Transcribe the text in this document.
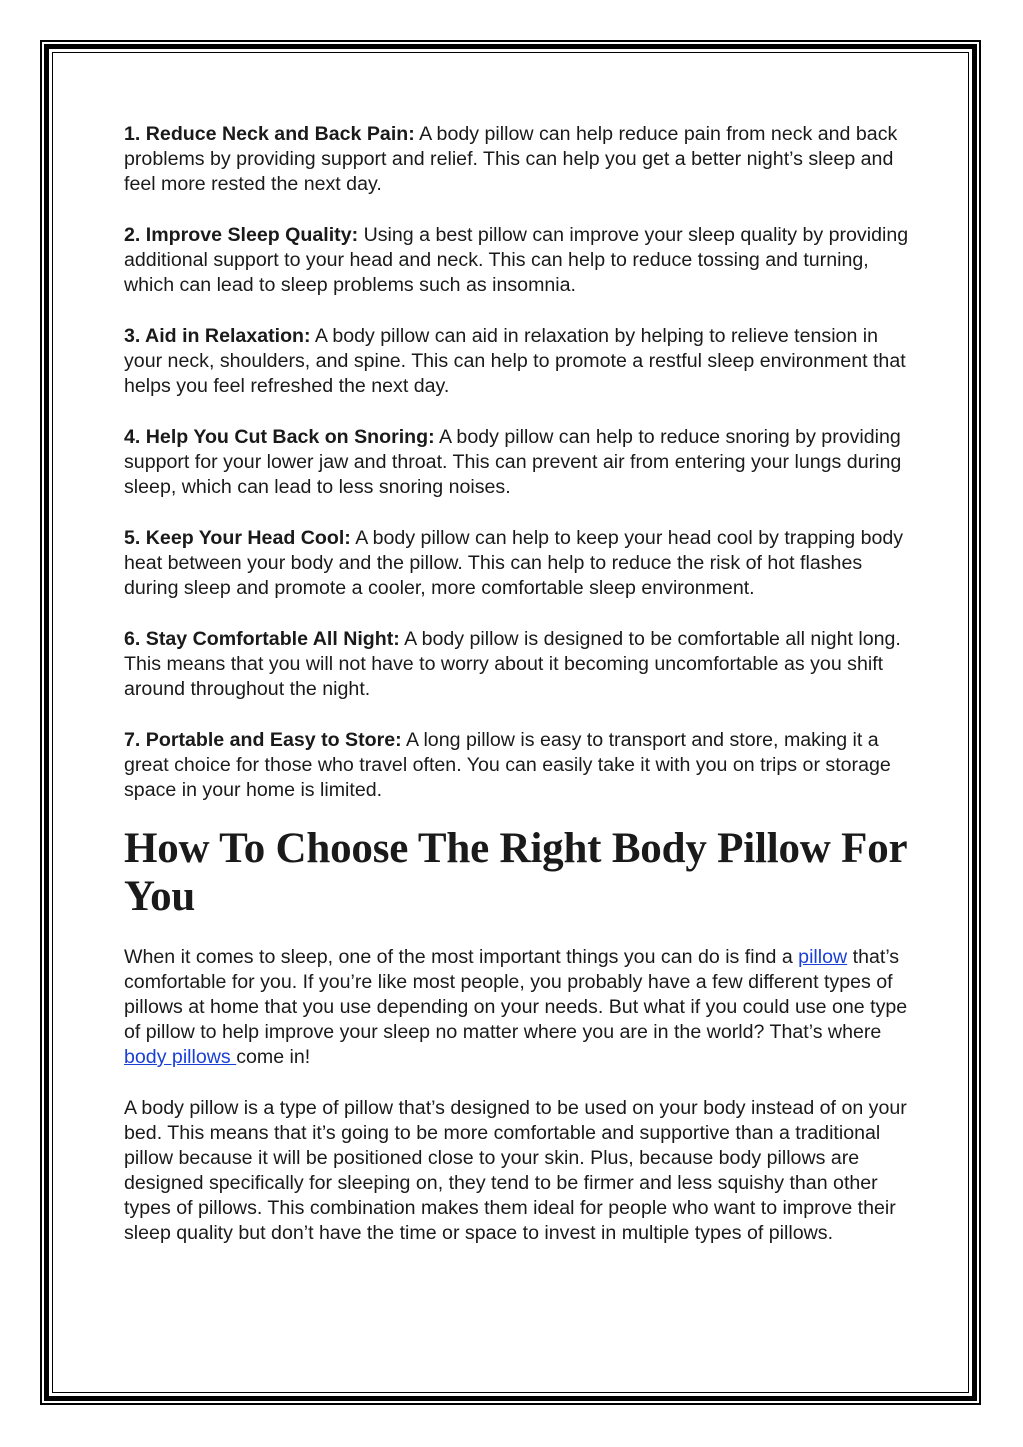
1. Reduce Neck and Back Pain: A body pillow can help reduce pain from neck and back problems by providing support and relief. This can help you get a better night’s sleep and feel more rested the next day.

2. Improve Sleep Quality: Using a best pillow can improve your sleep quality by providing additional support to your head and neck. This can help to reduce tossing and turning, which can lead to sleep problems such as insomnia.

3. Aid in Relaxation: A body pillow can aid in relaxation by helping to relieve tension in your neck, shoulders, and spine. This can help to promote a restful sleep environment that helps you feel refreshed the next day.

4. Help You Cut Back on Snoring: A body pillow can help to reduce snoring by providing support for your lower jaw and throat. This can prevent air from entering your lungs during sleep, which can lead to less snoring noises.

5. Keep Your Head Cool: A body pillow can help to keep your head cool by trapping body heat between your body and the pillow. This can help to reduce the risk of hot flashes during sleep and promote a cooler, more comfortable sleep environment.

6. Stay Comfortable All Night: A body pillow is designed to be comfortable all night long. This means that you will not have to worry about it becoming uncomfortable as you shift around throughout the night.

7. Portable and Easy to Store: A long pillow is easy to transport and store, making it a great choice for those who travel often. You can easily take it with you on trips or storage space in your home is limited.

How To Choose The Right Body Pillow For You

When it comes to sleep, one of the most important things you can do is find a pillow that’s comfortable for you. If you’re like most people, you probably have a few different types of pillows at home that you use depending on your needs. But what if you could use one type of pillow to help improve your sleep no matter where you are in the world? That’s where body pillows come in!

A body pillow is a type of pillow that’s designed to be used on your body instead of on your bed. This means that it’s going to be more comfortable and supportive than a traditional pillow because it will be positioned close to your skin. Plus, because body pillows are designed specifically for sleeping on, they tend to be firmer and less squishy than other types of pillows. This combination makes them ideal for people who want to improve their sleep quality but don’t have the time or space to invest in multiple types of pillows.
